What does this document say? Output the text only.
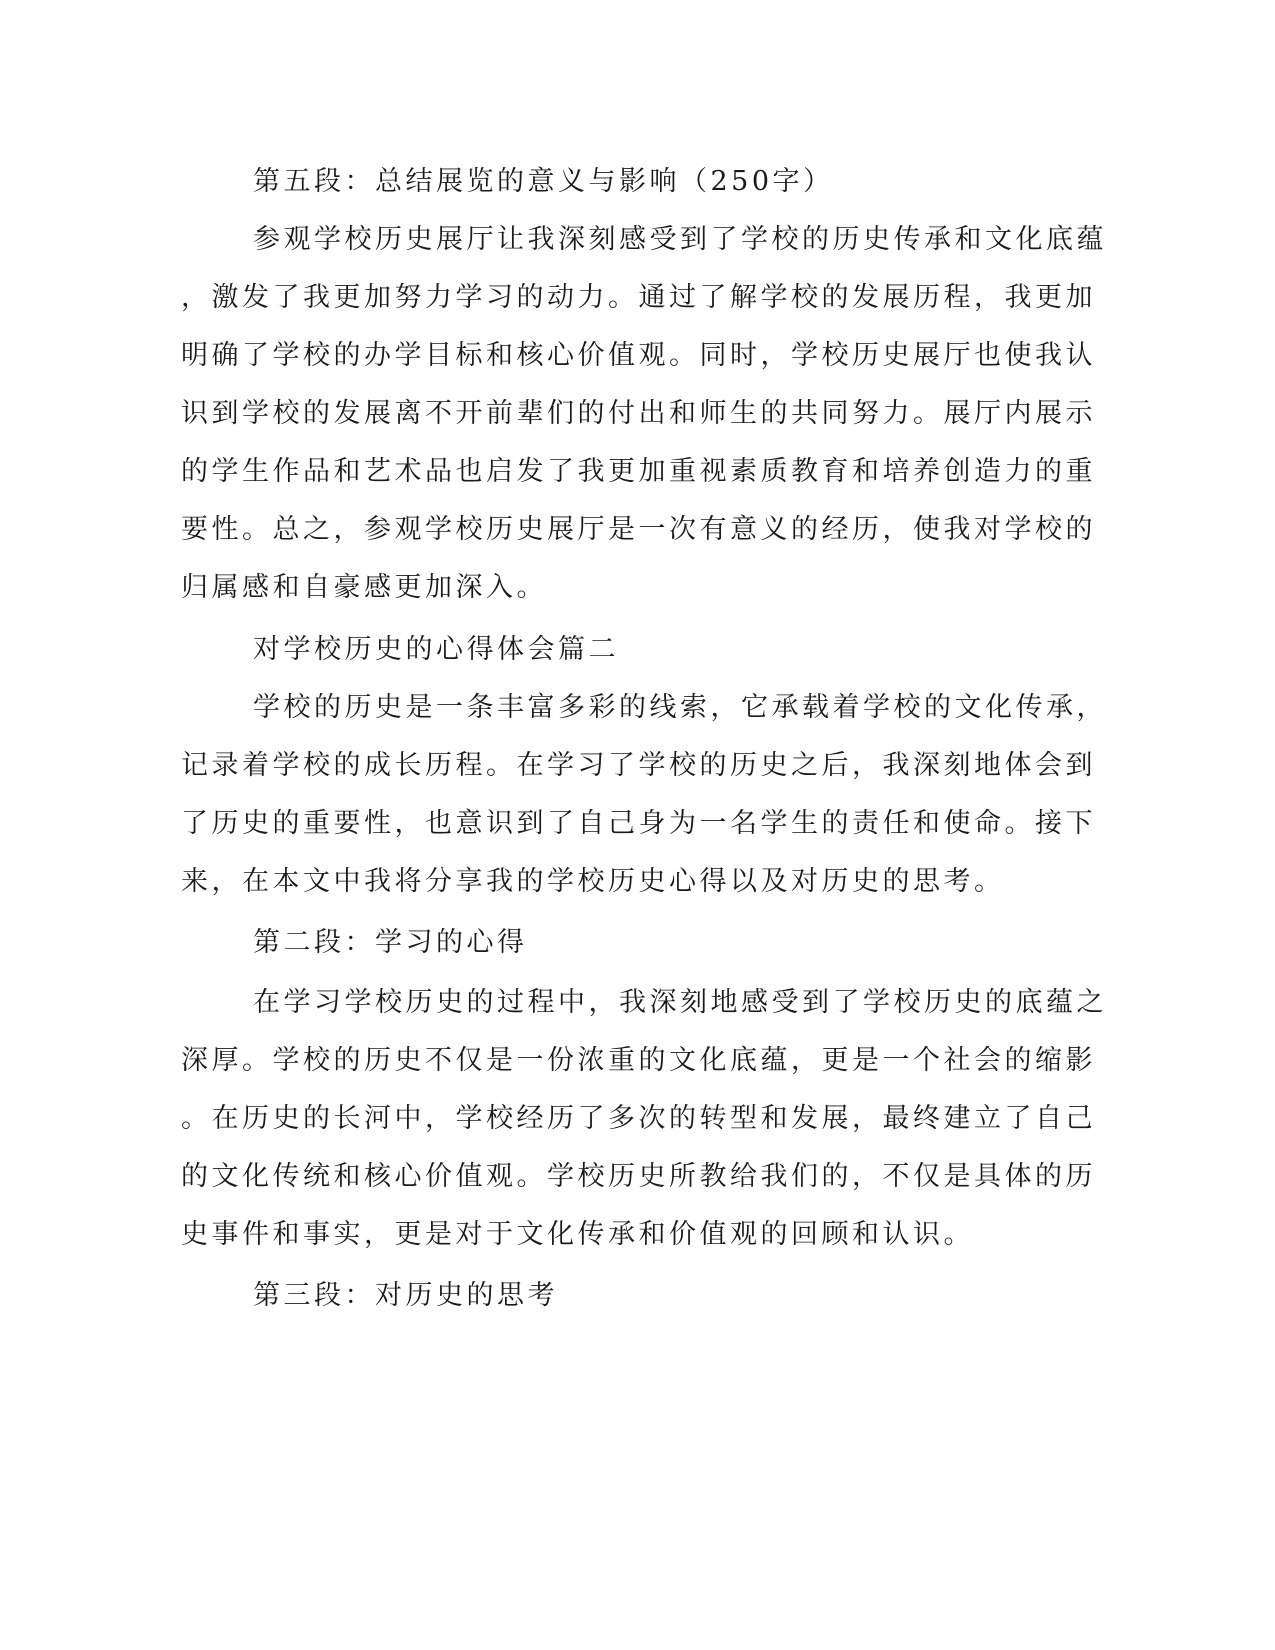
第五段：总结展览的意义与影响（250字）
参观学校历史展厅让我深刻感受到了学校的历史传承和文化底蕴
，激发了我更加努力学习的动力。通过了解学校的发展历程，我更加
明确了学校的办学目标和核心价值观。同时，学校历史展厅也使我认
识到学校的发展离不开前辈们的付出和师生的共同努力。展厅内展示
的学生作品和艺术品也启发了我更加重视素质教育和培养创造力的重
要性。总之，参观学校历史展厅是一次有意义的经历，使我对学校的
归属感和自豪感更加深入。
对学校历史的心得体会篇二
学校的历史是一条丰富多彩的线索，它承载着学校的文化传承，
记录着学校的成长历程。在学习了学校的历史之后，我深刻地体会到
了历史的重要性，也意识到了自己身为一名学生的责任和使命。接下
来，在本文中我将分享我的学校历史心得以及对历史的思考。
第二段：学习的心得
在学习学校历史的过程中，我深刻地感受到了学校历史的底蕴之
深厚。学校的历史不仅是一份浓重的文化底蕴，更是一个社会的缩影
。在历史的长河中，学校经历了多次的转型和发展，最终建立了自己
的文化传统和核心价值观。学校历史所教给我们的，不仅是具体的历
史事件和事实，更是对于文化传承和价值观的回顾和认识。
第三段：对历史的思考
